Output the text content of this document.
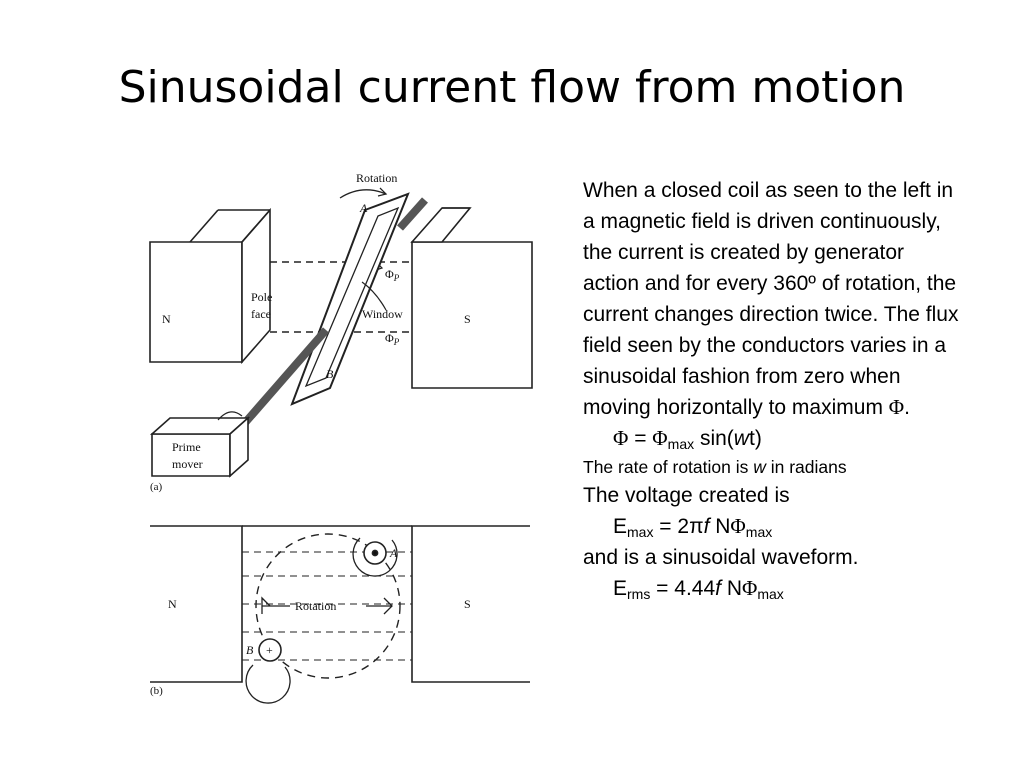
Sinusoidal current flow from motion
Rotation
A
$\Phi_P$
Pole
face	Window
$\Phi_P$
B
N	S
Prime
mover
(a)
N	S
Rotation
A
B +
(b)

When a closed coil as seen to the left in a magnetic field is driven continuously, the current is created by generator action and for every 360º of rotation, the current changes direction twice. The flux field seen by the conductors varies in a sinusoidal fashion from zero when moving horizontally to maximum Φ.

$\Phi = \Phi_{max}$ sin(wt)

The rate of rotation is w in radians

The voltage created is

$E_{max} = 2\pi f$ $N\Phi_{max}$

and is a sinusoidal waveform.

$E_{rms} = 4.44f$ $N\Phi_{max}$
